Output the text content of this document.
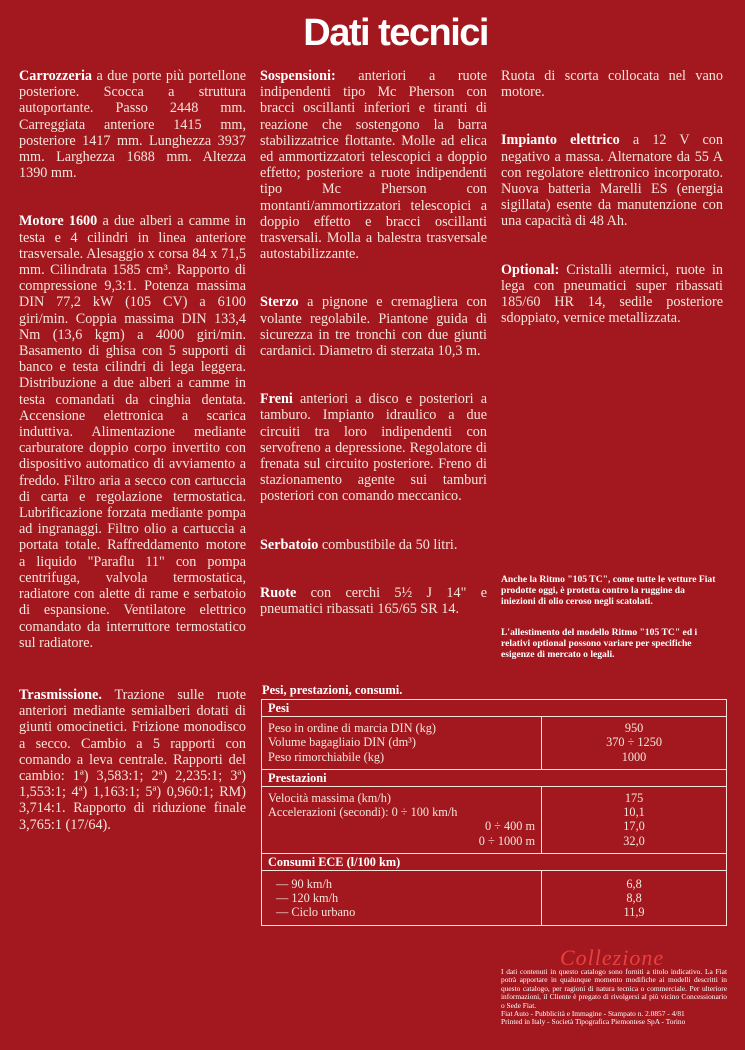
Dati tecnici

Carrozzeria a due porte più portellone posteriore. Scocca a struttura autoportante. Passo 2448 mm. Carreggiata anteriore 1415 mm, posteriore 1417 mm. Lunghezza 3937 mm. Larghezza 1688 mm. Altezza 1390 mm.

Motore 1600 a due alberi a camme in testa e 4 cilindri in linea anteriore trasversale. Alesaggio x corsa 84 x 71,5 mm. Cilindrata 1585 cm³. Rapporto di compressione 9,3:1. Potenza massima DIN 77,2 kW (105 CV) a 6100 giri/min. Coppia massima DIN 133,4 Nm (13,6 kgm) a 4000 giri/min. Basamento di ghisa con 5 supporti di banco e testa cilindri di lega leggera. Distribuzione a due alberi a camme in testa comandati da cinghia dentata. Accensione elettronica a scarica induttiva. Alimentazione mediante carburatore doppio corpo invertito con dispositivo automatico di avviamento a freddo. Filtro aria a secco con cartuccia di carta e regolazione termostatica. Lubrificazione forzata mediante pompa ad ingranaggi. Filtro olio a cartuccia a portata totale. Raffreddamento motore a liquido "Paraflu 11" con pompa centrifuga, valvola termostatica, radiatore con alette di rame e serbatoio di espansione. Ventilatore elettrico comandato da interruttore termostatico sul radiatore.

Trasmissione. Trazione sulle ruote anteriori mediante semialberi dotati di giunti omocinetici. Frizione monodisco a secco. Cambio a 5 rapporti con comando a leva centrale. Rapporti del cambio: 1ª) 3,583:1; 2ª) 2,235:1; 3ª) 1,553:1; 4ª) 1,163:1; 5ª) 0,960:1; RM) 3,714:1. Rapporto di riduzione finale 3,765:1 (17/64).

Sospensioni: anteriori a ruote indipendenti tipo Mc Pherson con bracci oscillanti inferiori e tiranti di reazione che sostengono la barra stabilizzatrice flottante. Molle ad elica ed ammortizzatori telescopici a doppio effetto; posteriore a ruote indipendenti tipo Mc Pherson con montanti/ammortizzatori telescopici a doppio effetto e bracci oscillanti trasversali. Molla a balestra trasversale autostabilizzante.

Sterzo a pignone e cremagliera con volante regolabile. Piantone guida di sicurezza in tre tronchi con due giunti cardanici. Diametro di sterzata 10,3 m.

Freni anteriori a disco e posteriori a tamburo. Impianto idraulico a due circuiti tra loro indipendenti con servofreno a depressione. Regolatore di frenata sul circuito posteriore. Freno di stazionamento agente sui tamburi posteriori con comando meccanico.

Serbatoio combustibile da 50 litri.

Ruote con cerchi 5½ J 14" e pneumatici ribassati 165/65 SR 14.

Ruota di scorta collocata nel vano motore.

Impianto elettrico a 12 V con negativo a massa. Alternatore da 55 A con regolatore elettronico incorporato. Nuova batteria Marelli ES (energia sigillata) esente da manutenzione con una capacità di 48 Ah.

Optional: Cristalli atermici, ruote in lega con pneumatici super ribassati 185/60 HR 14, sedile posteriore sdoppiato, vernice metallizzata.

Anche la Ritmo "105 TC", come tutte le vetture Fiat prodotte oggi, è protetta contro la ruggine da iniezioni di olio ceroso negli scatolati.
L'allestimento del modello Ritmo "105 TC" ed i relativi optional possono variare per specifiche esigenze di mercato o legali.
Pesi, prestazioni, consumi.
Pesi	
Peso in ordine di marcia DIN (kg)	950
Volume bagagliaio DIN (dm³)	370 ÷ 1250
Peso rimorchiabile (kg)	1000
Prestazioni	
Velocità massima (km/h)	175
Accelerazioni (secondi): 0 ÷ 100 km/h	10,1
0 ÷ 400 m	17,0
0 ÷ 1000 m	32,0
Consumi ECE (l/100 km)	
— 90 km/h	6,8
— 120 km/h	8,8
— Ciclo urbano	11,9
Collezione
I dati contenuti in questo catalogo sono forniti a titolo indicativo. La Fiat potrà apportare in qualunque momento modifiche ai modelli descritti in questo catalogo, per ragioni di natura tecnica o commerciale. Per ulteriore informazioni, il Cliente è pregato di rivolgersi al più vicino Concessionario o Sede Fiat.
Fiat Auto - Pubblicità e Immagine - Stampato n. 2.0857 - 4/81
Printed in Italy - Società Tipografica Piemontese SpA - Torino
